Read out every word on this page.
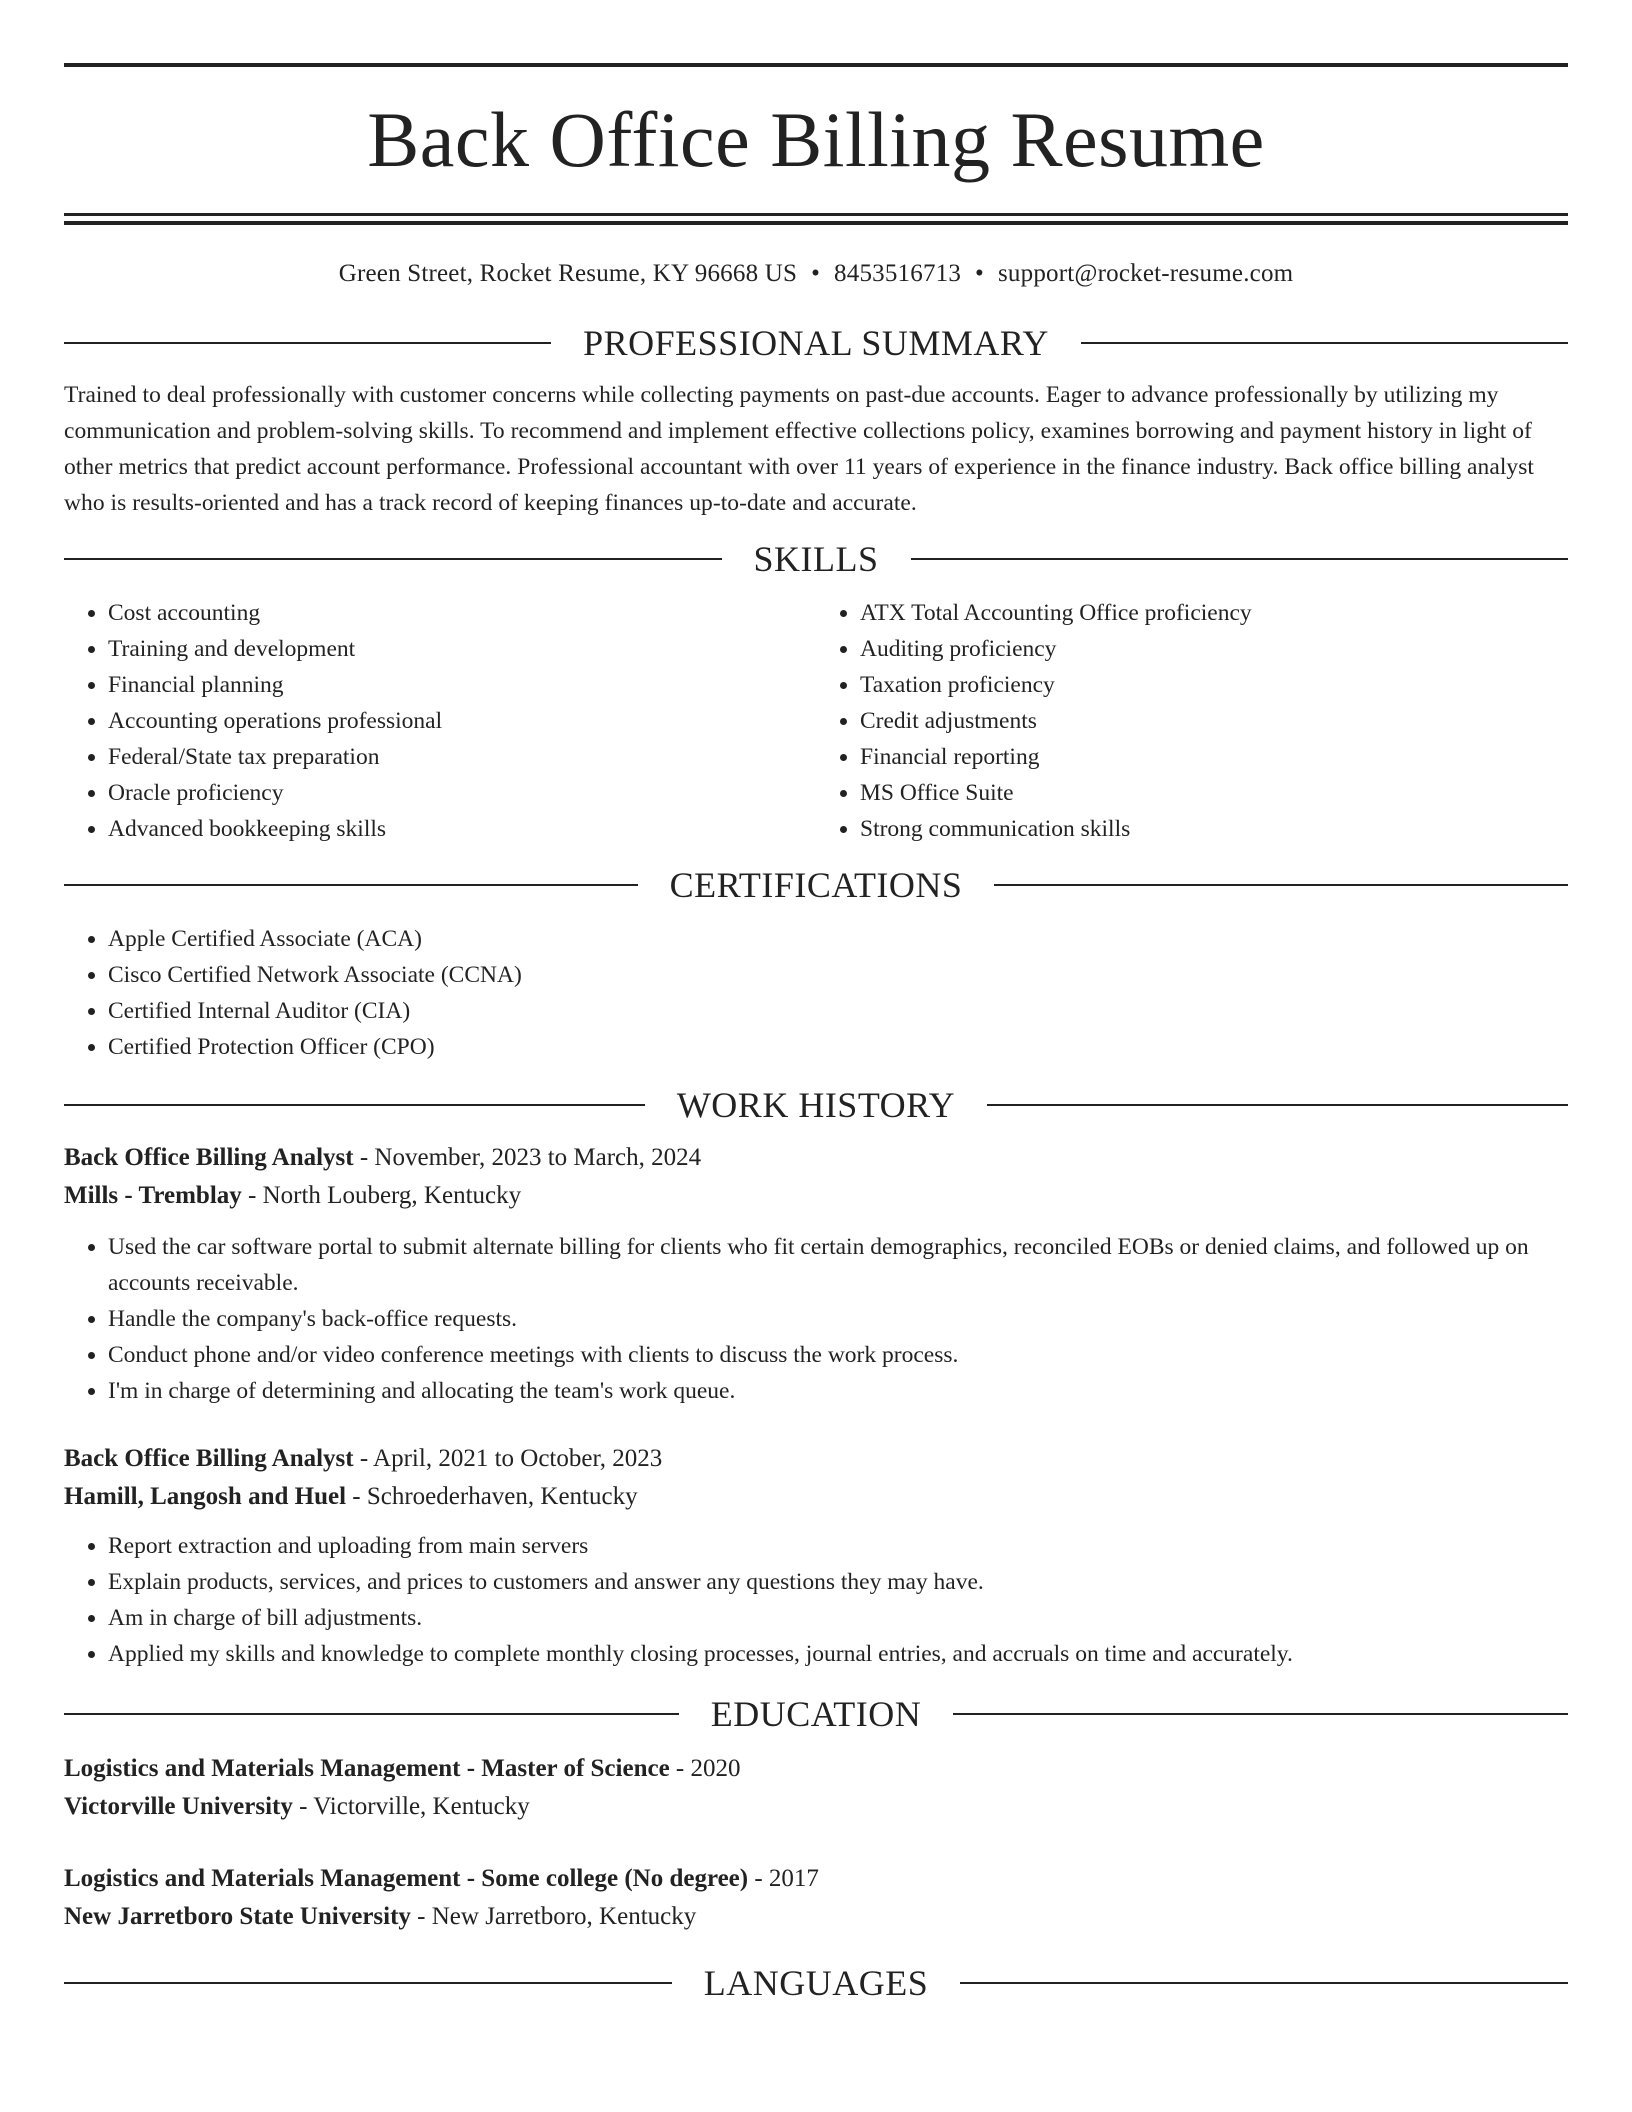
Back Office Billing Resume
Green Street, Rocket Resume, KY 96668 US • 8453516713 • support@rocket-resume.com
PROFESSIONAL SUMMARY
Trained to deal professionally with customer concerns while collecting payments on past-due accounts. Eager to advance professionally by utilizing my communication and problem-solving skills. To recommend and implement effective collections policy, examines borrowing and payment history in light of other metrics that predict account performance. Professional accountant with over 11 years of experience in the finance industry. Back office billing analyst who is results-oriented and has a track record of keeping finances up-to-date and accurate.
SKILLS
• Cost accounting
• Training and development
• Financial planning
• Accounting operations professional
• Federal/State tax preparation
• Oracle proficiency
• Advanced bookkeeping skills
• ATX Total Accounting Office proficiency
• Auditing proficiency
• Taxation proficiency
• Credit adjustments
• Financial reporting
• MS Office Suite
• Strong communication skills
CERTIFICATIONS
• Apple Certified Associate (ACA)
• Cisco Certified Network Associate (CCNA)
• Certified Internal Auditor (CIA)
• Certified Protection Officer (CPO)
WORK HISTORY
Back Office Billing Analyst - November, 2023 to March, 2024
Mills - Tremblay - North Louberg, Kentucky
• Used the car software portal to submit alternate billing for clients who fit certain demographics, reconciled EOBs or denied claims, and followed up on accounts receivable.
• Handle the company's back-office requests.
• Conduct phone and/or video conference meetings with clients to discuss the work process.
• I'm in charge of determining and allocating the team's work queue.
Back Office Billing Analyst - April, 2021 to October, 2023
Hamill, Langosh and Huel - Schroederhaven, Kentucky
• Report extraction and uploading from main servers
• Explain products, services, and prices to customers and answer any questions they may have.
• Am in charge of bill adjustments.
• Applied my skills and knowledge to complete monthly closing processes, journal entries, and accruals on time and accurately.
EDUCATION
Logistics and Materials Management - Master of Science - 2020
Victorville University - Victorville, Kentucky
Logistics and Materials Management - Some college (No degree) - 2017
New Jarretboro State University - New Jarretboro, Kentucky
LANGUAGES
